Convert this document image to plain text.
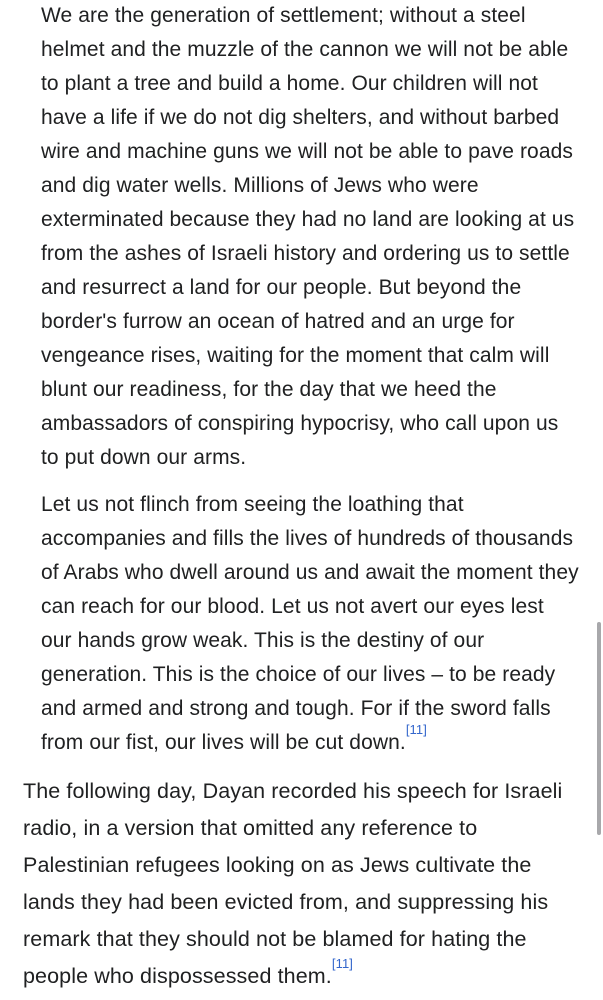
We are the generation of settlement; without a steel helmet and the muzzle of the cannon we will not be able to plant a tree and build a home. Our children will not have a life if we do not dig shelters, and without barbed wire and machine guns we will not be able to pave roads and dig water wells. Millions of Jews who were exterminated because they had no land are looking at us from the ashes of Israeli history and ordering us to settle and resurrect a land for our people. But beyond the border's furrow an ocean of hatred and an urge for vengeance rises, waiting for the moment that calm will blunt our readiness, for the day that we heed the ambassadors of conspiring hypocrisy, who call upon us to put down our arms.

Let us not flinch from seeing the loathing that accompanies and fills the lives of hundreds of thousands of Arabs who dwell around us and await the moment they can reach for our blood. Let us not avert our eyes lest our hands grow weak. This is the destiny of our generation. This is the choice of our lives – to be ready and armed and strong and tough. For if the sword falls from our fist, our lives will be cut down.[11]

The following day, Dayan recorded his speech for Israeli radio, in a version that omitted any reference to Palestinian refugees looking on as Jews cultivate the lands they had been evicted from, and suppressing his remark that they should not be blamed for hating the people who dispossessed them.[11]
